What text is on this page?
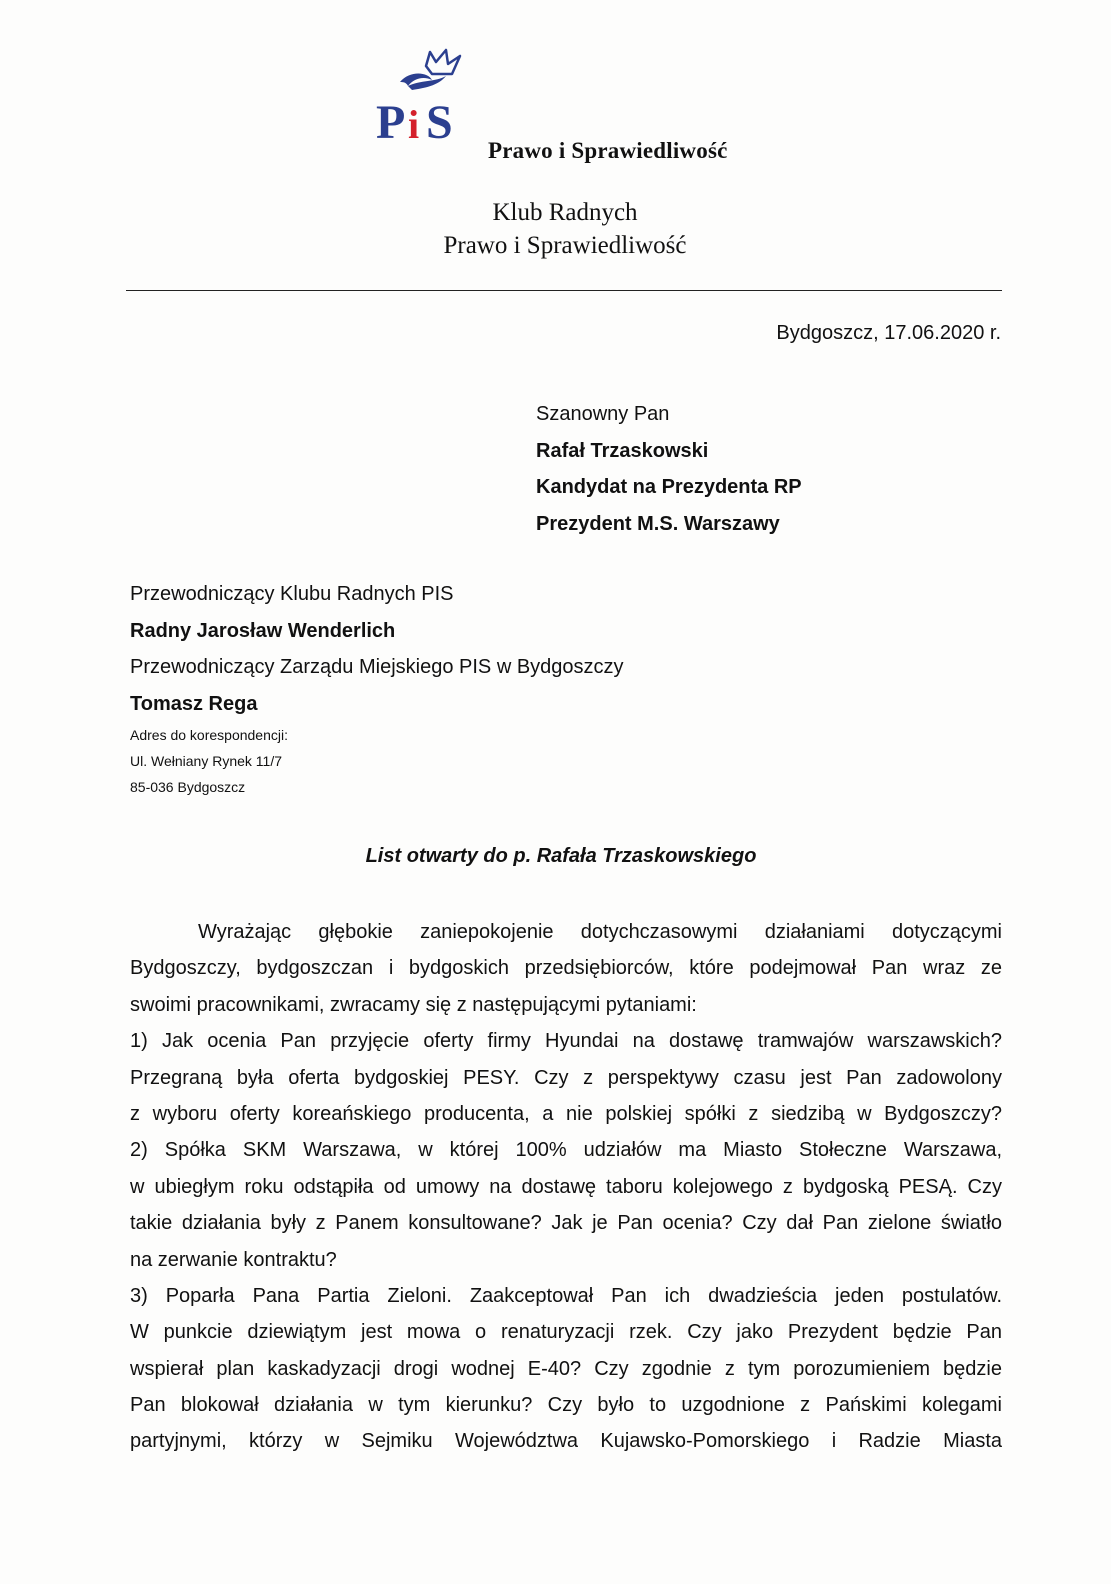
P i S
Prawo i Sprawiedliwość
Klub Radnych
Prawo i Sprawiedliwość
Bydgoszcz, 17.06.2020 r.
Szanowny Pan
Rafał Trzaskowski
Kandydat na Prezydenta RP
Prezydent M.S. Warszawy
Przewodniczący Klubu Radnych PIS
Radny Jarosław Wenderlich
Przewodniczący Zarządu Miejskiego PIS w Bydgoszczy
Tomasz Rega
Adres do korespondencji:
Ul. Wełniany Rynek 11/7
85-036 Bydgoszcz
List otwarty do p. Rafała Trzaskowskiego
Wyrażając głębokie zaniepokojenie dotychczasowymi działaniami dotyczącymi
Bydgoszczy, bydgoszczan i bydgoskich przedsiębiorców, które podejmował Pan wraz ze
swoimi pracownikami, zwracamy się z następującymi pytaniami:
1) Jak ocenia Pan przyjęcie oferty firmy Hyundai na dostawę tramwajów warszawskich?
Przegraną była oferta bydgoskiej PESY. Czy z perspektywy czasu jest Pan zadowolony
z wyboru oferty koreańskiego producenta, a nie polskiej spółki z siedzibą w Bydgoszczy?
2) Spółka SKM Warszawa, w której 100% udziałów ma Miasto Stołeczne Warszawa,
w ubiegłym roku odstąpiła od umowy na dostawę taboru kolejowego z bydgoską PESĄ. Czy
takie działania były z Panem konsultowane? Jak je Pan ocenia? Czy dał Pan zielone światło
na zerwanie kontraktu?
3) Poparła Pana Partia Zieloni. Zaakceptował Pan ich dwadzieścia jeden postulatów.
W punkcie dziewiątym jest mowa o renaturyzacji rzek. Czy jako Prezydent będzie Pan
wspierał plan kaskadyzacji drogi wodnej E-40? Czy zgodnie z tym porozumieniem będzie
Pan blokował działania w tym kierunku? Czy było to uzgodnione z Pańskimi kolegami
partyjnymi, którzy w Sejmiku Województwa Kujawsko-Pomorskiego i Radzie Miasta
